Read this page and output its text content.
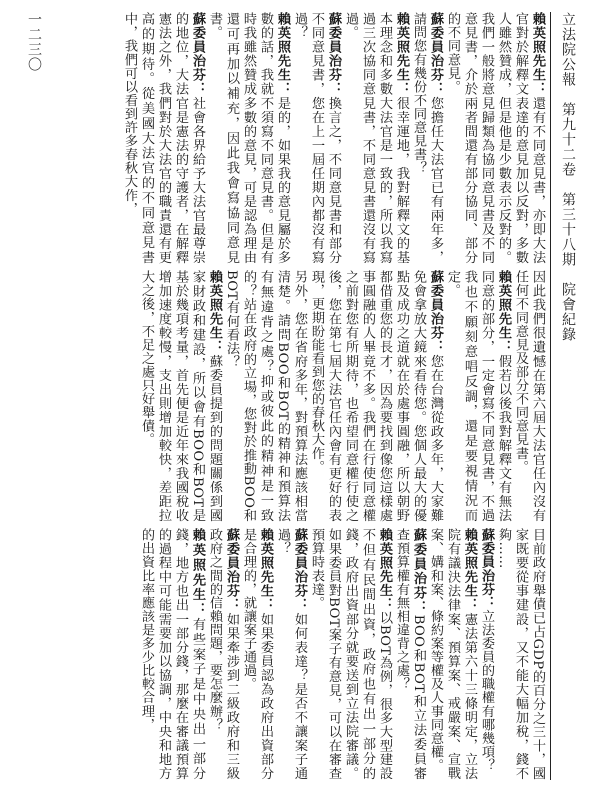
立法院公報　第九十二卷　第三十八期　院會紀錄
一二三〇	賴英照先生：還有不同意見書，亦即大法官對於解釋文表達的意見加以反對，多數人雖然贊成，但是他是少數表示反對的。我們一般將意見歸類為協同意見書及不同意見書，介於兩者間還有部分協同、部分的不同意見。

蘇委員治芬：您擔任大法官已有兩年多，請問您有幾份不同意見書？

賴英照先生：很幸運地，我對解釋文的基本理念和多數大法官是一致的，所以我寫過三次協同意見書，不同意見書還沒有寫過。

蘇委員治芬：換言之，不同意見書和部分不同意見書，您在上一屆任期內都沒有寫過？

賴英照先生：是的，如果我的意見屬於多數的話，我就不須寫不同意見書。但是有時我雖然贊成多數的意見，可是認為理由還可再加以補充，因此我會寫協同意見書。

蘇委員治芬：社會各界給予大法官最尊崇的地位，大法官是憲法的守護者，在解釋憲法之外，我們對於大法官的職責還有更高的期待。從美國大法官的不同意見書中，我們可以看到許多春秋大作，

因此我們很遺憾在第六屆大法官任內沒有任何不同意見及部分不同意見書。

賴英照先生：假若以後我對解釋文有無法同意的部分，一定會寫不同意見書，不過我也不願刻意唱反調，還是要視情況而定。

蘇委員治芬：您在台灣從政多年，大家難免會拿放大鏡來看待您。您個人最大的優點及成功之道就在於處事圓融，所以朝野都借重您的長才，因為要找到像您這樣處事圓融的人畢竟不多。我們在行使同意權之前對您有所期待，也希望同意權行使之後，您在第七屆大法官任內會有更好的表現，更期盼能看到您的春秋大作。

另外，您在省府多年，對預算法應該相當清楚。請問BOO和BOT的精神和預算法有無違背之處？抑或彼此的精神是一致的？站在政府的立場，您對於推動BOO和BOT有何看法？

賴英照先生：蘇委員提到的問題關係到國家財政和建設，所以會有BOO和BOT是基於幾項考量，首先便是近年來我國稅收增加速度較慢，支出則增加較快，差距拉大之後，不足之處只好舉債。

目前政府舉債已占GDP的百分之三十，國家既要從事建設，又不能大幅加稅，錢不夠……

蘇委員治芬：立法委員的職權有哪幾項？

賴英照先生：憲法第六十三條明定，立法院有議決法律案、預算案、戒嚴案、宣戰案、媾和案、條約案等權及人事同意權。

蘇委員治芬：BOO和BOT和立法委員審查預算權有無相違背之處？

賴英照先生：以BOT為例，很多大型建設不但有民間出資，政府也有出一部分的錢，政府出資部分就要送到立法院審議。如果委員對BOT案子有意見，可以在審查預算時表達。

蘇委員治芬：如何表達？是否不讓案子通過？

賴英照先生：如果委員認為政府出資部分是合理的，就讓案子通過。

蘇委員治芬：如果牽涉到二級政府和三級政府之間的信賴問題，要怎麼辦？

賴英照先生：有些案子是中央出一部分錢，地方也出一部分錢，那麼在審議預算的過程中可能需要加以協調，中央和地方的出資比率應該是多少比較合理，
